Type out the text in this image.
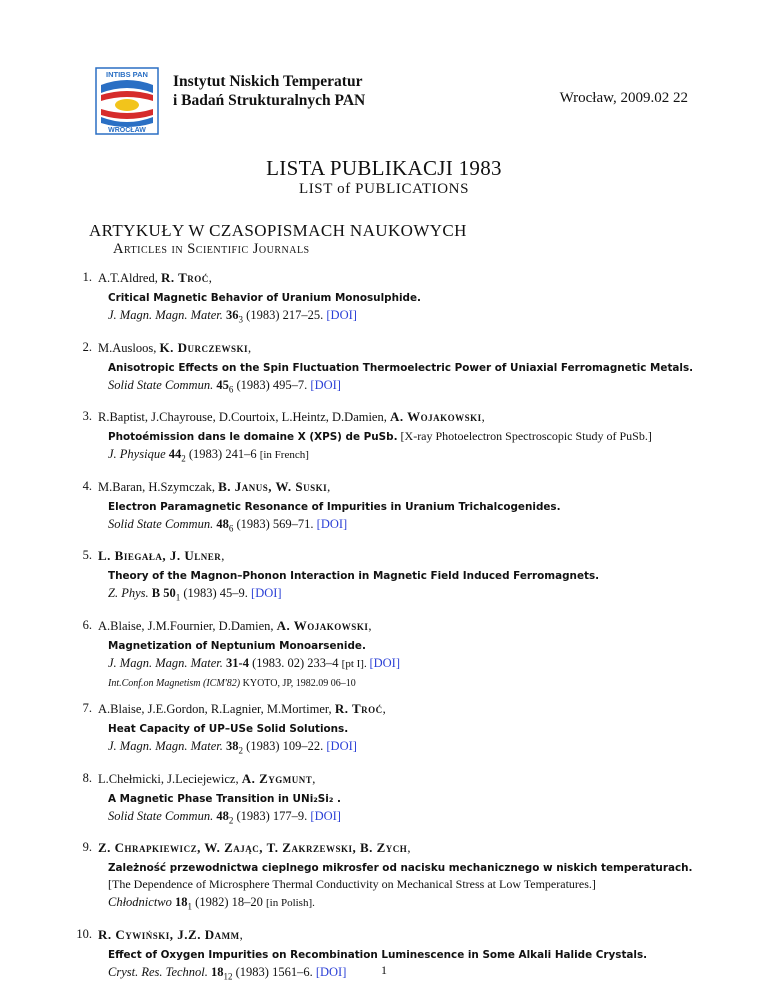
INTIBS PAN
WROCŁAW
Instytut Niskich Temperatur
i Badań Strukturalnych PAN	Wrocław, 2009.02 22
LISTA PUBLIKACJI 1983
LIST of PUBLICATIONS
ARTYKUŁY W CZASOPISMACH NAUKOWYCH
Articles in Scientific Journals
1. A.T.Aldred, R. Troć,
Critical Magnetic Behavior of Uranium Monosulphide.
J. Magn. Magn. Mater. $36_3$ (1983) 217–25. [DOI]
2. M.Ausloos, K. Durczewski,
Anisotropic Effects on the Spin Fluctuation Thermoelectric Power of Uniaxial Ferromagnetic Metals.
Solid State Commun. $45_6$ (1983) 495–7. [DOI]
3. R.Baptist, J.Chayrouse, D.Courtoix, L.Heintz, D.Damien, A. Wojakowski,
Photoémission dans le domaine X (XPS) de PuSb. [X-ray Photoelectron Spectroscopic Study of PuSb.]
J. Physique $44_2$ (1983) 241–6 [in French]
4. M.Baran, H.Szymczak, B. Janus, W. Suski,
Electron Paramagnetic Resonance of Impurities in Uranium Trichalcogenides.
Solid State Commun. $48_6$ (1983) 569–71. [DOI]
5. L. Biegała, J. Ulner,
Theory of the Magnon–Phonon Interaction in Magnetic Field Induced Ferromagnets.
Z. Phys. B $50_1$ (1983) 45–9. [DOI]
6. A.Blaise, J.M.Fournier, D.Damien, A. Wojakowski,
Magnetization of Neptunium Monoarsenide.
J. Magn. Magn. Mater. 31-4 (1983. 02) 233–4 [pt I]. [DOI]
Int.Conf.on Magnetism (ICM'82) KYOTO, JP, 1982.09 06–10
7. A.Blaise, J.E.Gordon, R.Lagnier, M.Mortimer, R. Troć,
Heat Capacity of UP–USe Solid Solutions.
J. Magn. Magn. Mater. $38_2$ (1983) 109–22. [DOI]
8. L.Chełmicki, J.Leciejewicz, A. Zygmunt,
A Magnetic Phase Transition in UNi₂Si₂ .
Solid State Commun. $48_2$ (1983) 177–9. [DOI]
9. Z. Chrapkiewicz, W. Zając, T. Zakrzewski, B. Zych,
Zależność przewodnictwa cieplnego mikrosfer od nacisku mechanicznego w niskich temperaturach. [The Dependence of Microsphere Thermal Conductivity on Mechanical Stress at Low Temperatures.]
Chłodnictwo $18_1$ (1982) 18–20 [in Polish].
10. R. Cywiński, J.Z. Damm,
Effect of Oxygen Impurities on Recombination Luminescence in Some Alkali Halide Crystals.
Cryst. Res. Technol. $18_{12}$ (1983) 1561–6. [DOI]	1
